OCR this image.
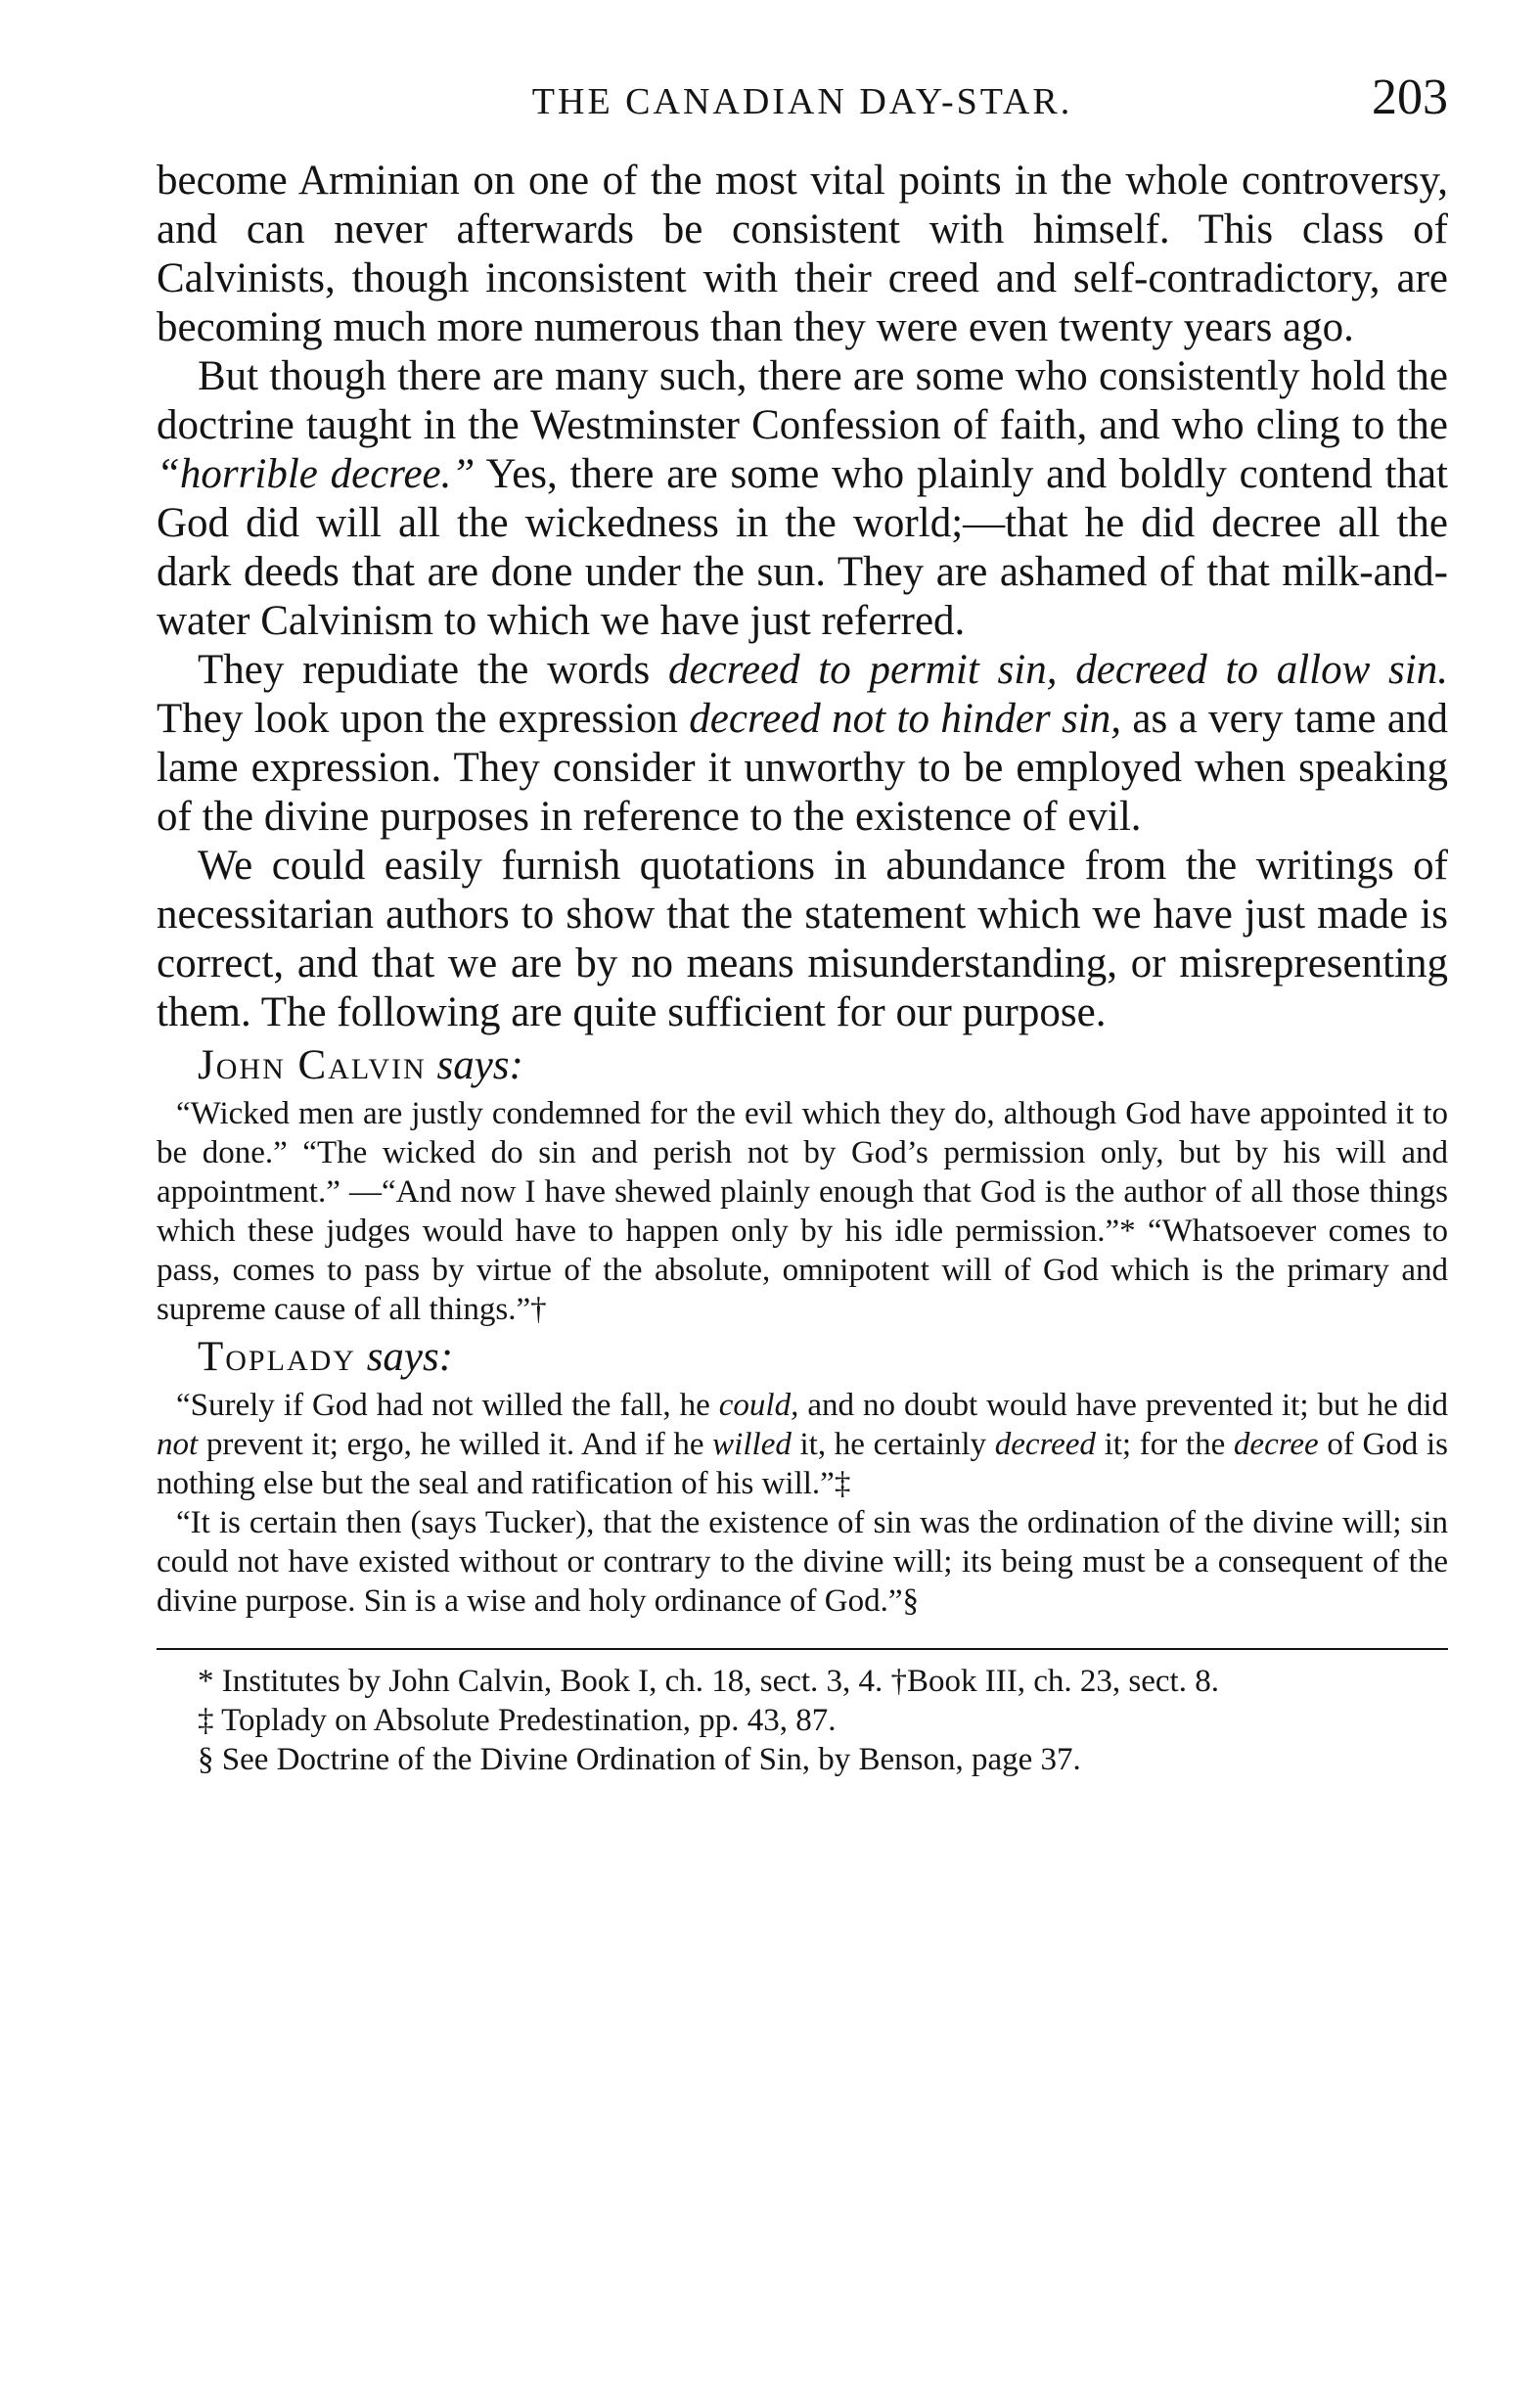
THE CANADIAN DAY-STAR.	203

become Arminian on one of the most vital points in the whole controversy, and can never afterwards be consistent with himself. This class of Calvinists, though inconsistent with their creed and self-contradictory, are becoming much more numerous than they were even twenty years ago.

But though there are many such, there are some who consistently hold the doctrine taught in the Westminster Confession of faith, and who cling to the “horrible decree.” Yes, there are some who plainly and boldly contend that God did will all the wickedness in the world;—that he did decree all the dark deeds that are done under the sun. They are ashamed of that milk-and-water Calvinism to which we have just referred.

They repudiate the words decreed to permit sin, decreed to allow sin. They look upon the expression decreed not to hinder sin, as a very tame and lame expression. They consider it unworthy to be employed when speaking of the divine purposes in reference to the existence of evil.

We could easily furnish quotations in abundance from the writings of necessitarian authors to show that the statement which we have just made is correct, and that we are by no means misunderstanding, or misrepresenting them. The following are quite sufficient for our purpose.

John Calvin says:

“Wicked men are justly condemned for the evil which they do, although God have appointed it to be done.” “The wicked do sin and perish not by God’s permission only, but by his will and appointment.” —“And now I have shewed plainly enough that God is the author of all those things which these judges would have to happen only by his idle permission.”* “Whatsoever comes to pass, comes to pass by virtue of the absolute, omnipotent will of God which is the primary and supreme cause of all things.”†

Toplady says:

“Surely if God had not willed the fall, he could, and no doubt would have prevented it; but he did not prevent it; ergo, he willed it. And if he willed it, he certainly decreed it; for the decree of God is nothing else but the seal and ratification of his will.”‡

“It is certain then (says Tucker), that the existence of sin was the ordination of the divine will; sin could not have existed without or contrary to the divine will; its being must be a consequent of the divine purpose. Sin is a wise and holy ordinance of God.”§

* Institutes by John Calvin, Book I, ch. 18, sect. 3, 4. †Book III, ch. 23, sect. 8.

‡ Toplady on Absolute Predestination, pp. 43, 87.

§ See Doctrine of the Divine Ordination of Sin, by Benson, page 37.
